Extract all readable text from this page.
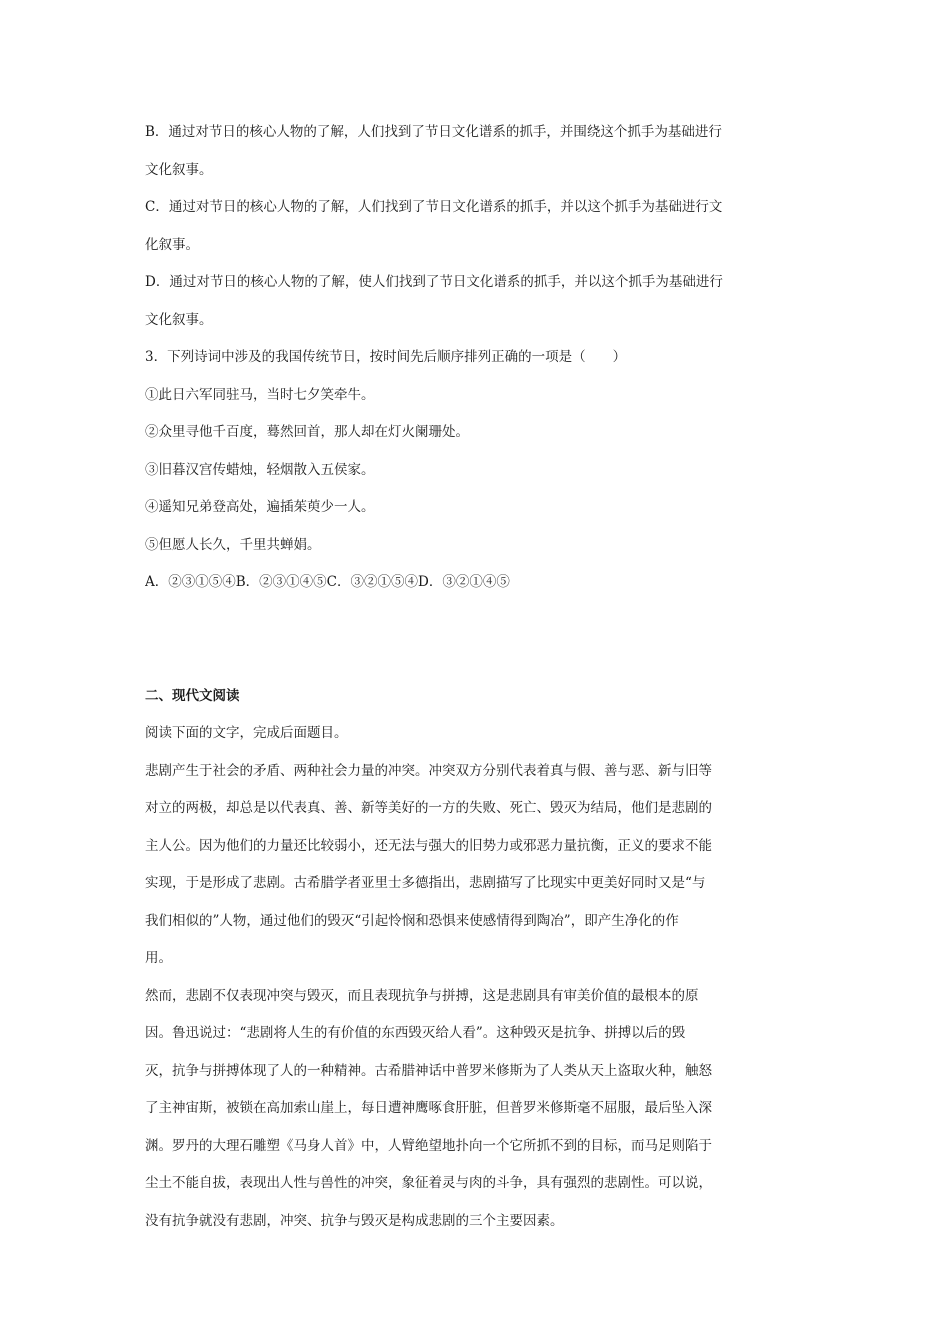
B．通过对节日的核心人物的了解，人们找到了节日文化谱系的抓手，并围绕这个抓手为基础进行
文化叙事。
C．通过对节日的核心人物的了解，人们找到了节日文化谱系的抓手，并以这个抓手为基础进行文
化叙事。
D．通过对节日的核心人物的了解，使人们找到了节日文化谱系的抓手，并以这个抓手为基础进行
文化叙事。
3．下列诗词中涉及的我国传统节日，按时间先后顺序排列正确的一项是（　　）
①此日六军同驻马，当时七夕笑牵牛。
②众里寻他千百度，蓦然回首，那人却在灯火阑珊处。
③旧暮汉宫传蜡烛，轻烟散入五侯家。
④遥知兄弟登高处，遍插茱萸少一人。
⑤但愿人长久，千里共蝉娟。
A．②③①⑤④B．②③①④⑤C．③②①⑤④D．③②①④⑤
二、现代文阅读
阅读下面的文字，完成后面题目。
悲剧产生于社会的矛盾、两种社会力量的冲突。冲突双方分别代表着真与假、善与恶、新与旧等
对立的两极，却总是以代表真、善、新等美好的一方的失败、死亡、毁灭为结局，他们是悲剧的
主人公。因为他们的力量还比较弱小，还无法与强大的旧势力或邪恶力量抗衡，正义的要求不能
实现，于是形成了悲剧。古希腊学者亚里士多德指出，悲剧描写了比现实中更美好同时又是“与
我们相似的”人物，通过他们的毁灭“引起怜悯和恐惧来使感情得到陶冶”，即产生净化的作
用。
然而，悲剧不仅表现冲突与毁灭，而且表现抗争与拼搏，这是悲剧具有审美价值的最根本的原
因。鲁迅说过：“悲剧将人生的有价值的东西毁灭给人看”。这种毁灭是抗争、拼搏以后的毁
灭，抗争与拼搏体现了人的一种精神。古希腊神话中普罗米修斯为了人类从天上盗取火种，触怒
了主神宙斯，被锁在高加索山崖上，每日遭神鹰啄食肝脏，但普罗米修斯毫不屈服，最后坠入深
渊。罗丹的大理石雕塑《马身人首》中，人臂绝望地扑向一个它所抓不到的目标，而马足则陷于
尘土不能自拔，表现出人性与兽性的冲突，象征着灵与肉的斗争，具有强烈的悲剧性。可以说，
没有抗争就没有悲剧，冲突、抗争与毁灭是构成悲剧的三个主要因素。
